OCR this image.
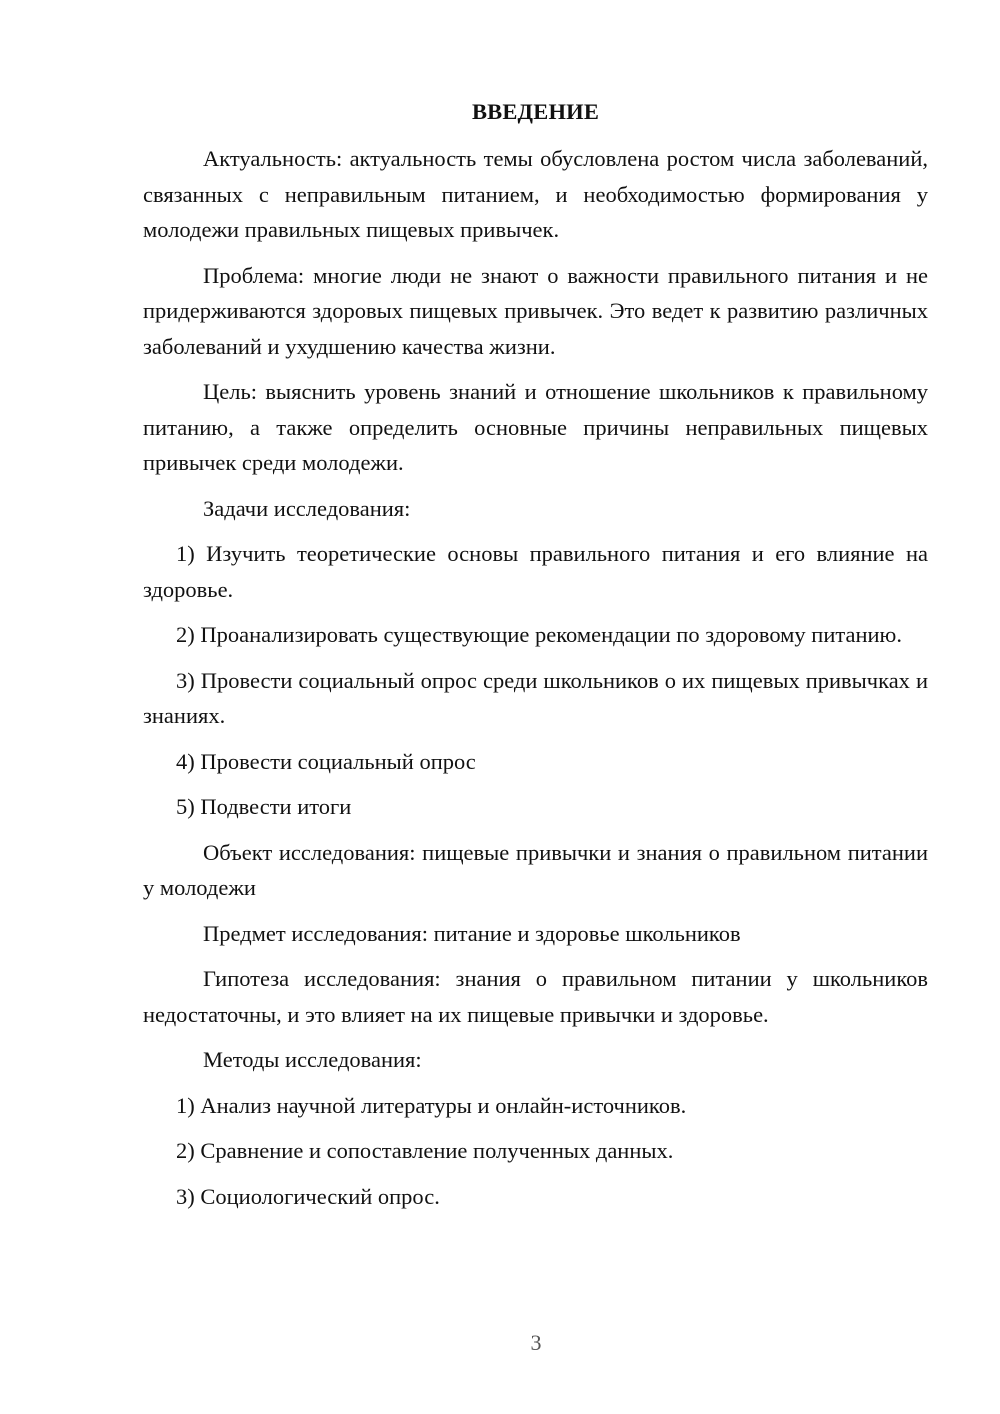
ВВЕДЕНИЕ

Актуальность: актуальность темы обусловлена ростом числа заболеваний, связанных с неправильным питанием, и необходимостью формирования у молодежи правильных пищевых привычек.

Проблема: многие люди не знают о важности правильного питания и не придерживаются здоровых пищевых привычек. Это ведет к развитию различных заболеваний и ухудшению качества жизни.

Цель: выяснить уровень знаний и отношение школьников к правильному питанию, а также определить основные причины неправильных пищевых привычек среди молодежи.

Задачи исследования:

1) Изучить теоретические основы правильного питания и его влияние на здоровье.

2) Проанализировать существующие рекомендации по здоровому питанию.

3) Провести социальный опрос среди школьников о их пищевых привычках и знаниях.

4) Провести социальный опрос

5) Подвести итоги

Объект исследования: пищевые привычки и знания о правильном питании у молодежи

Предмет исследования: питание и здоровье школьников

Гипотеза исследования: знания о правильном питании у школьников недостаточны, и это влияет на их пищевые привычки и здоровье.

Методы исследования:

1) Анализ научной литературы и онлайн-источников.

2) Сравнение и сопоставление полученных данных.

3) Социологический опрос.

3
